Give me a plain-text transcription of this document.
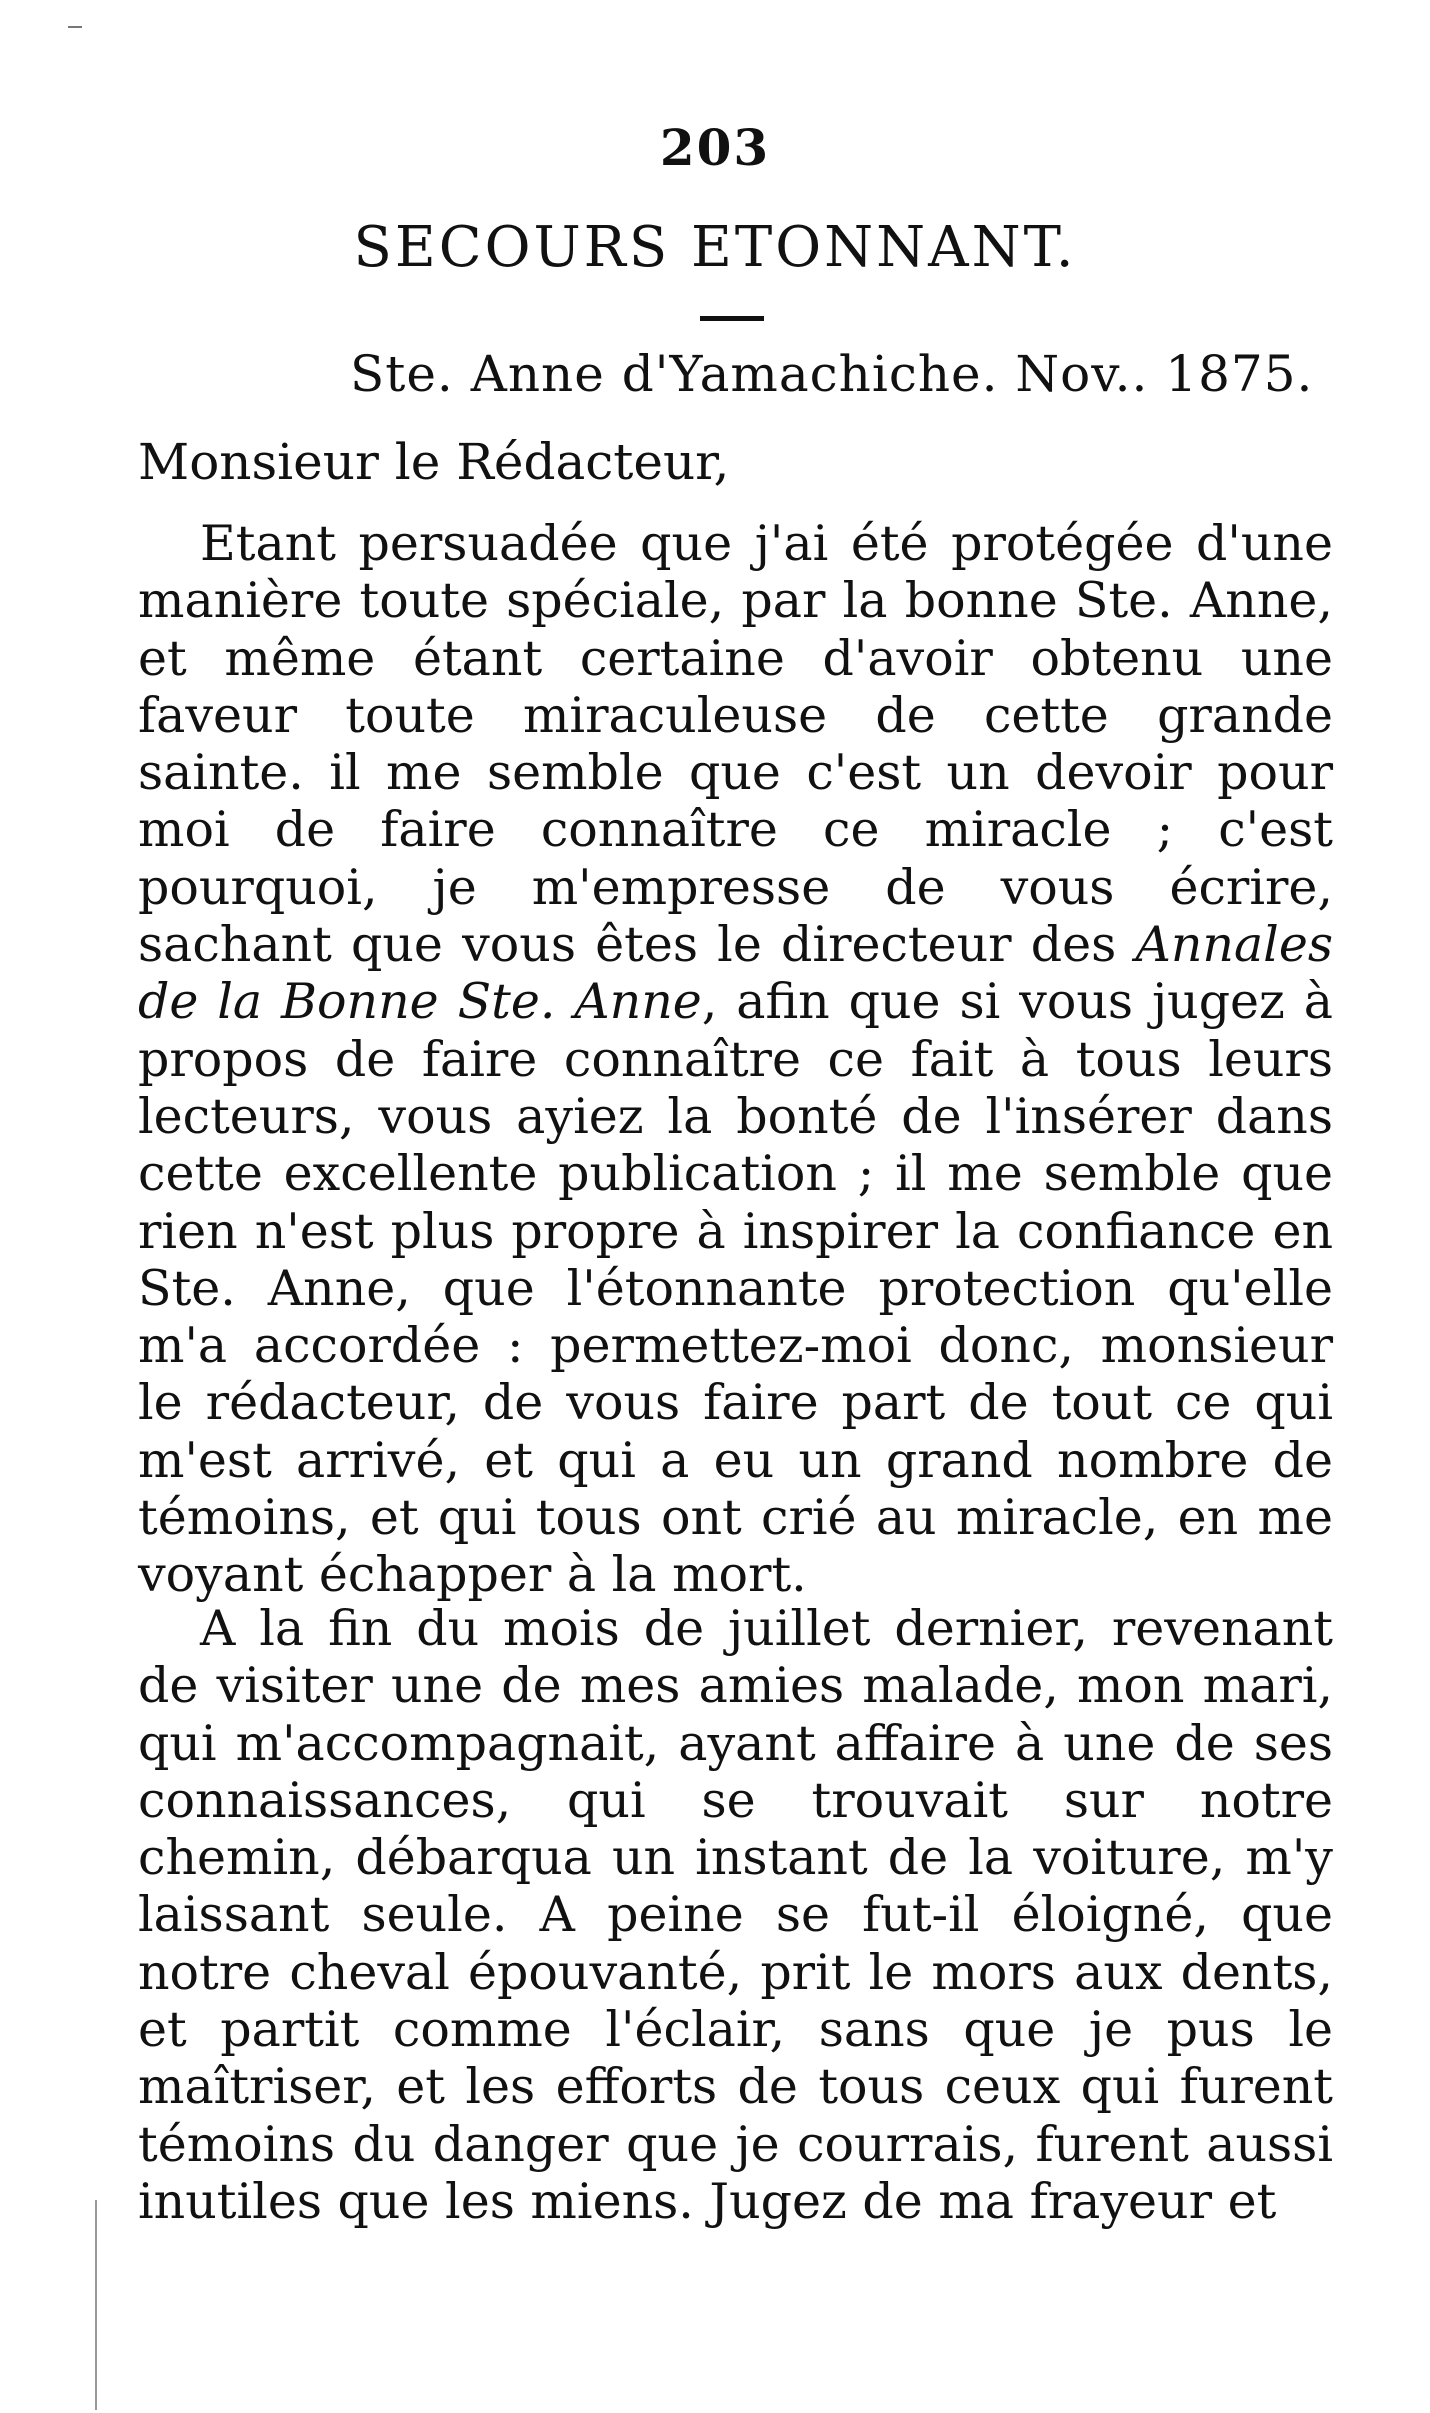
203
SECOURS ETONNANT.
Ste. Anne d'Yamachiche. Nov.. 1875.
Monsieur le Rédacteur,

Etant persuadée que j'ai été protégée d'une manière toute spéciale, par la bonne Ste. Anne, et même étant certaine d'avoir obtenu une faveur toute miraculeuse de cette grande sainte. il me semble que c'est un devoir pour moi de faire connaître ce miracle ; c'est pourquoi, je m'empresse de vous écrire, sachant que vous êtes le directeur des Annales de la Bonne Ste. Anne, afin que si vous jugez à propos de faire connaître ce fait à tous leurs lecteurs, vous ayiez la bonté de l'insérer dans cette excellente publication ; il me semble que rien n'est plus propre à inspirer la confiance en Ste. Anne, que l'étonnante protection qu'elle m'a accordée : permettez-moi donc, monsieur le rédacteur, de vous faire part de tout ce qui m'est arrivé, et qui a eu un grand nombre de témoins, et qui tous ont crié au miracle, en me voyant échapper à la mort.

A la fin du mois de juillet dernier, revenant de visiter une de mes amies malade, mon mari, qui m'accompagnait, ayant affaire à une de ses connaissances, qui se trouvait sur notre chemin, débarqua un instant de la voiture, m'y laissant seule. A peine se fut-il éloigné, que notre cheval épouvanté, prit le mors aux dents, et partit comme l'éclair, sans que je pus le maîtriser, et les efforts de tous ceux qui furent témoins du danger que je courrais, furent aussi inutiles que les miens. Jugez de ma frayeur et
